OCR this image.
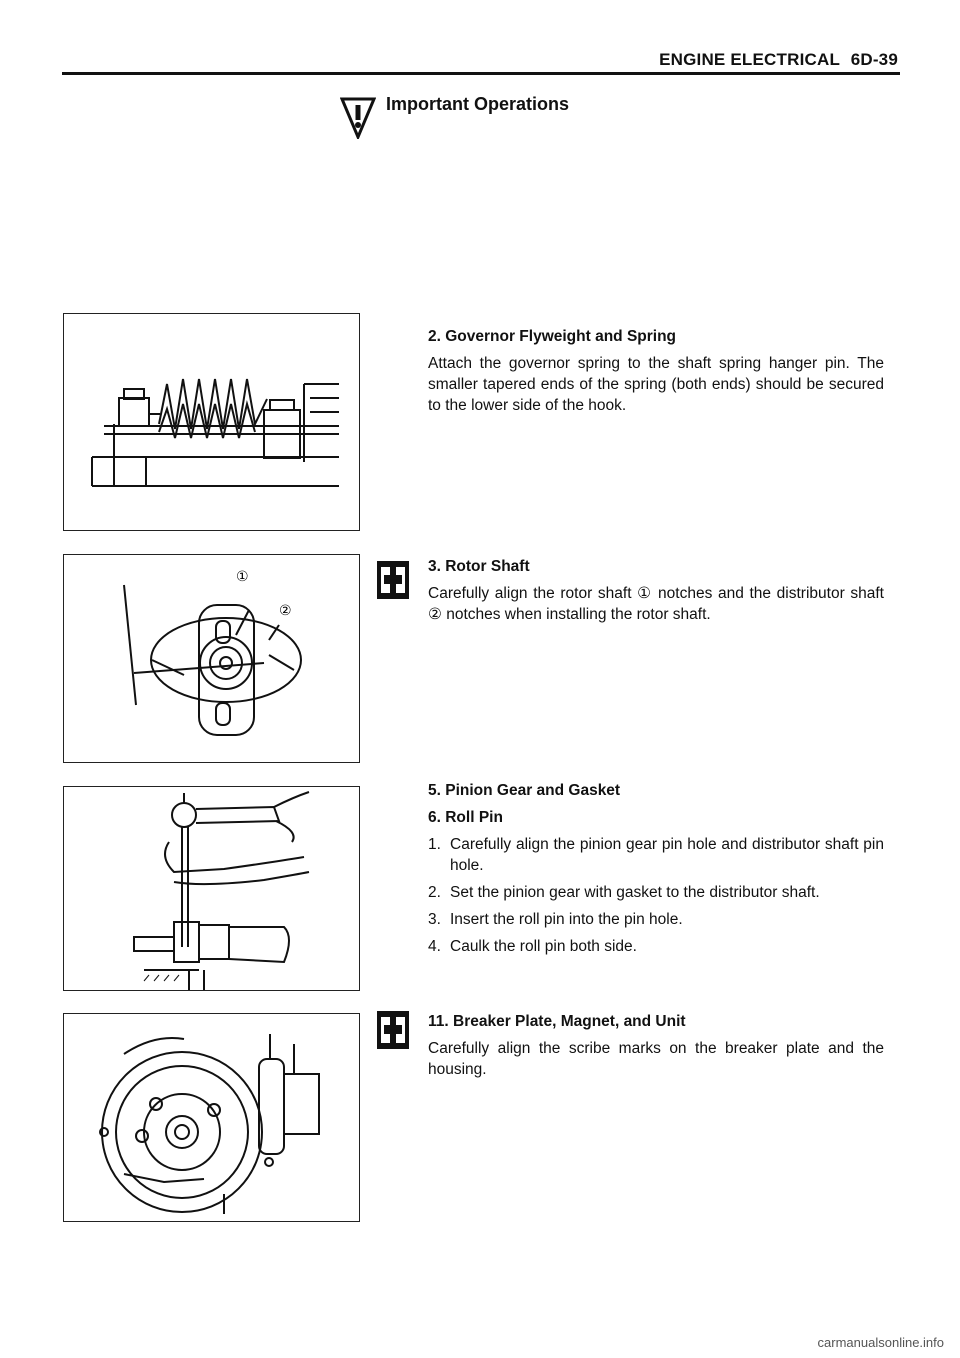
ENGINE ELECTRICAL 6D-39
Important Operations
2. Governor Flyweight and Spring

Attach the governor spring to the shaft spring hanger pin. The smaller tapered ends of the spring (both ends) should be secured to the lower side of the hook.

①
②
3. Rotor Shaft

Carefully align the rotor shaft ① notches and the distributor shaft ② notches when installing the rotor shaft.

5. Pinion Gear and Gasket
6. Roll Pin
1. Carefully align the pinion gear pin hole and distributor shaft pin hole.
2. Set the pinion gear with gasket to the distributor shaft.
3. Insert the roll pin into the pin hole.
4. Caulk the roll pin both side.
11. Breaker Plate, Magnet, and Unit

Carefully align the scribe marks on the breaker plate and the housing.

carmanualsonline.info
